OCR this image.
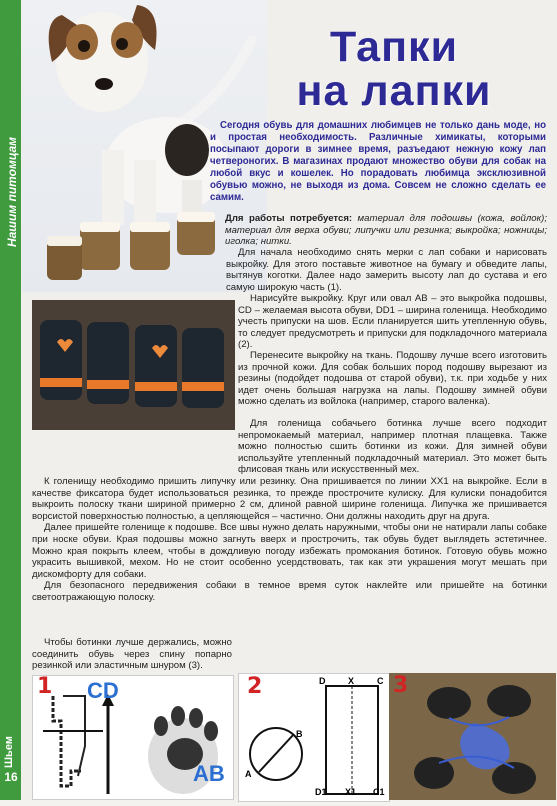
Нашим питомцам
Шьем
16
Тапки
на лапки
Сегодня обувь для домашних любимцев не только дань моде, но и простая необходимость. Различные химикаты, которыми посыпают дороги в зимнее время, разъедают нежную кожу лап четвероногих. В магазинах продают множество обуви для собак на любой вкус и кошелек. Но порадовать любимца эксклюзивной обувью можно, не выходя из дома. Совсем не сложно сделать ее самим.
Для работы потребуется: материал для подошвы (кожа, войлок); материал для верха обуви; липучки или резинка; выкройка; ножницы; иголка; нитки.

Для начала необходимо снять мерки с лап собаки и нарисовать выкройку. Для этого поставьте животное на бумагу и обведите лапы, вытянув коготки. Далее надо замерить высоту лап до сустава и его самую широкую часть (1).

Нарисуйте выкройку. Круг или овал AB – это выкройка подошвы, CD – желаемая высота обуви, DD1 – ширина голенища. Необходимо учесть припуски на шов. Если планируется шить утепленную обувь, то следует предусмотреть и припуски для подкладочного материала (2).

Перенесите выкройку на ткань. Подошву лучше всего изготовить из прочной кожи. Для собак больших пород подошву вырезают из резины (подойдет подошва от старой обуви), т.к. при ходьбе у них идет очень большая нагрузка на лапы. Подошву зимней обуви можно сделать из войлока (например, старого валенка).

Для голенища собачьего ботинка лучше всего подходит непромокаемый материал, например плотная плащевка. Также можно полностью сшить ботинки из кожи. Для зимней обуви используйте утепленный подкладочный материал. Это может быть флисовая ткань или искусственный мех.

К голенищу необходимо пришить липучку или резинку. Она пришивается по линии XX1 на выкройке. Если в качестве фиксатора будет использоваться резинка, то прежде прострочите кулиску. Для кулиски понадобится выкроить полоску ткани шириной примерно 2 см, длиной равной ширине голенища. Липучка же пришивается ворсистой поверхностью полностью, а цепляющейся – частично. Они должны находить друг на друга.

Далее пришейте голенище к подошве. Все швы нужно делать наружными, чтобы они не натирали лапы собаке при носке обуви. Края подошвы можно загнуть вверх и прострочить, так обувь будет выглядеть эстетичнее. Можно края покрыть клеем, чтобы в дождливую погоду избежать промокания ботинок. Готовую обувь можно украсить вышивкой, мехом. Но не стоит особенно усердствовать, так как эти украшения могут мешать при дискомфорту для собаки.

Для безопасного передвижения собаки в темное время суток наклейте или пришейте на ботинки светоотражающую полоску.

Чтобы ботинки лучше держались, можно соединить обувь через спину попарно резинкой или эластичным шнуром (3).

1 CD
AB
2	D	X	C
B
A
D1 X1 C1
3
